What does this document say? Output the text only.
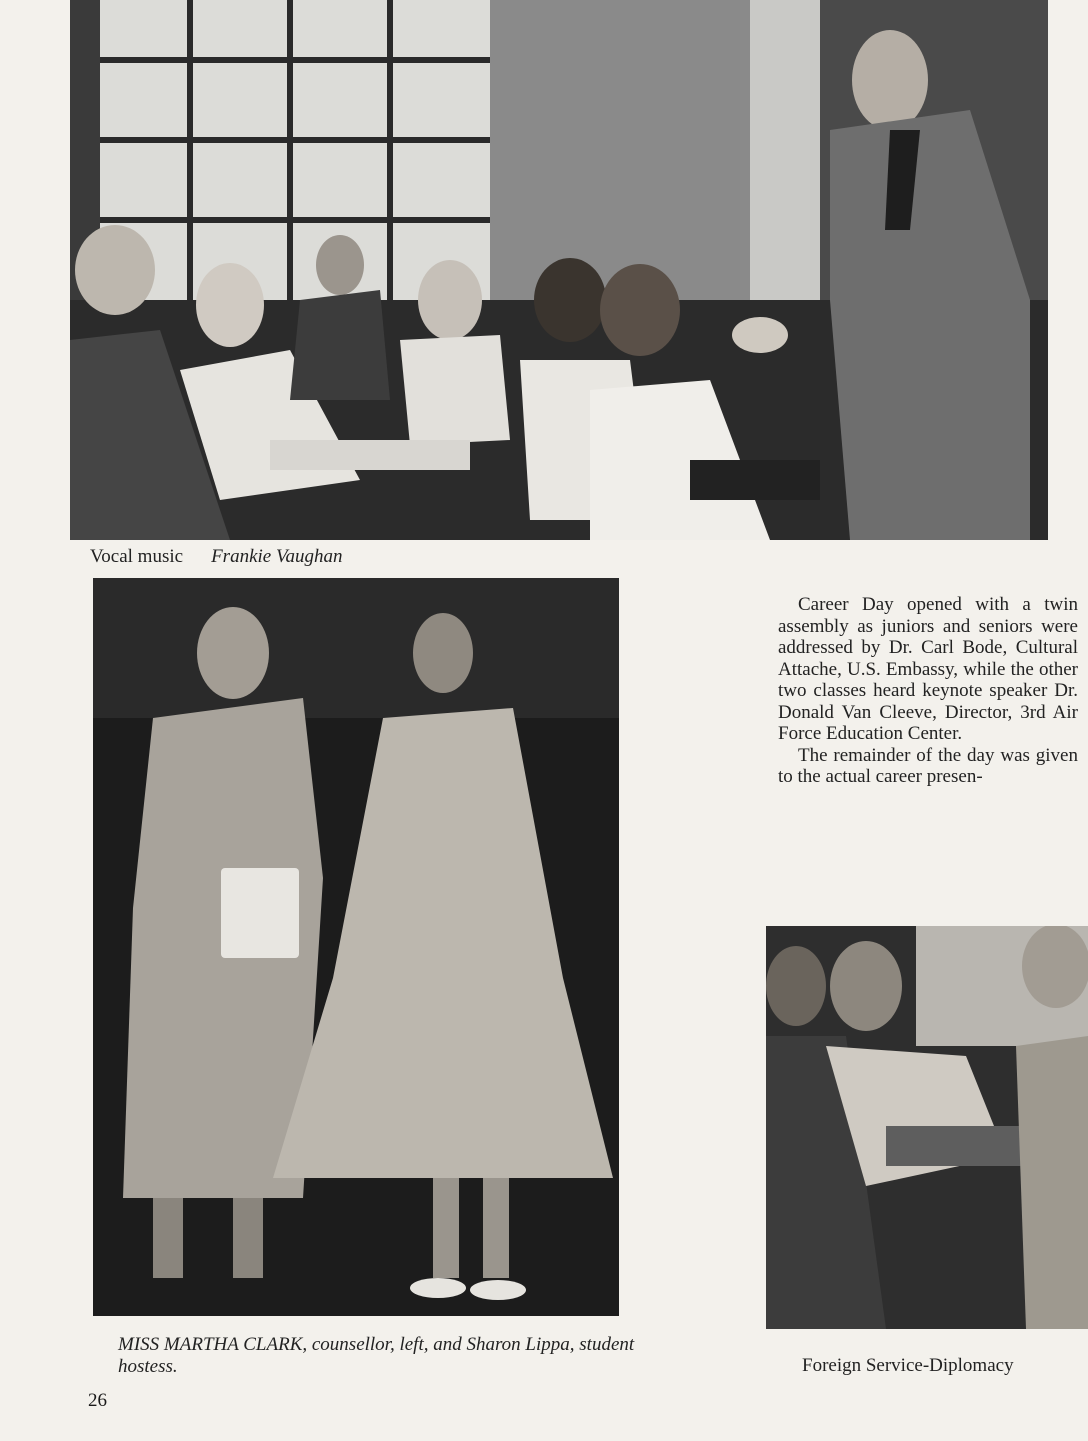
Vocal music Frankie Vaughan
MISS MARTHA CLARK, counsellor, left, and Sharon Lippa, student hostess.

Career Day opened with a twin assembly as juniors and seniors were addressed by Dr. Carl Bode, Cultural Attache, U.S. Embassy, while the other two classes heard keynote speaker Dr. Donald Van Cleeve, Director, 3rd Air Force Education Center.

The remainder of the day was given to the actual career presen-

Foreign Service-Diplomacy
26
